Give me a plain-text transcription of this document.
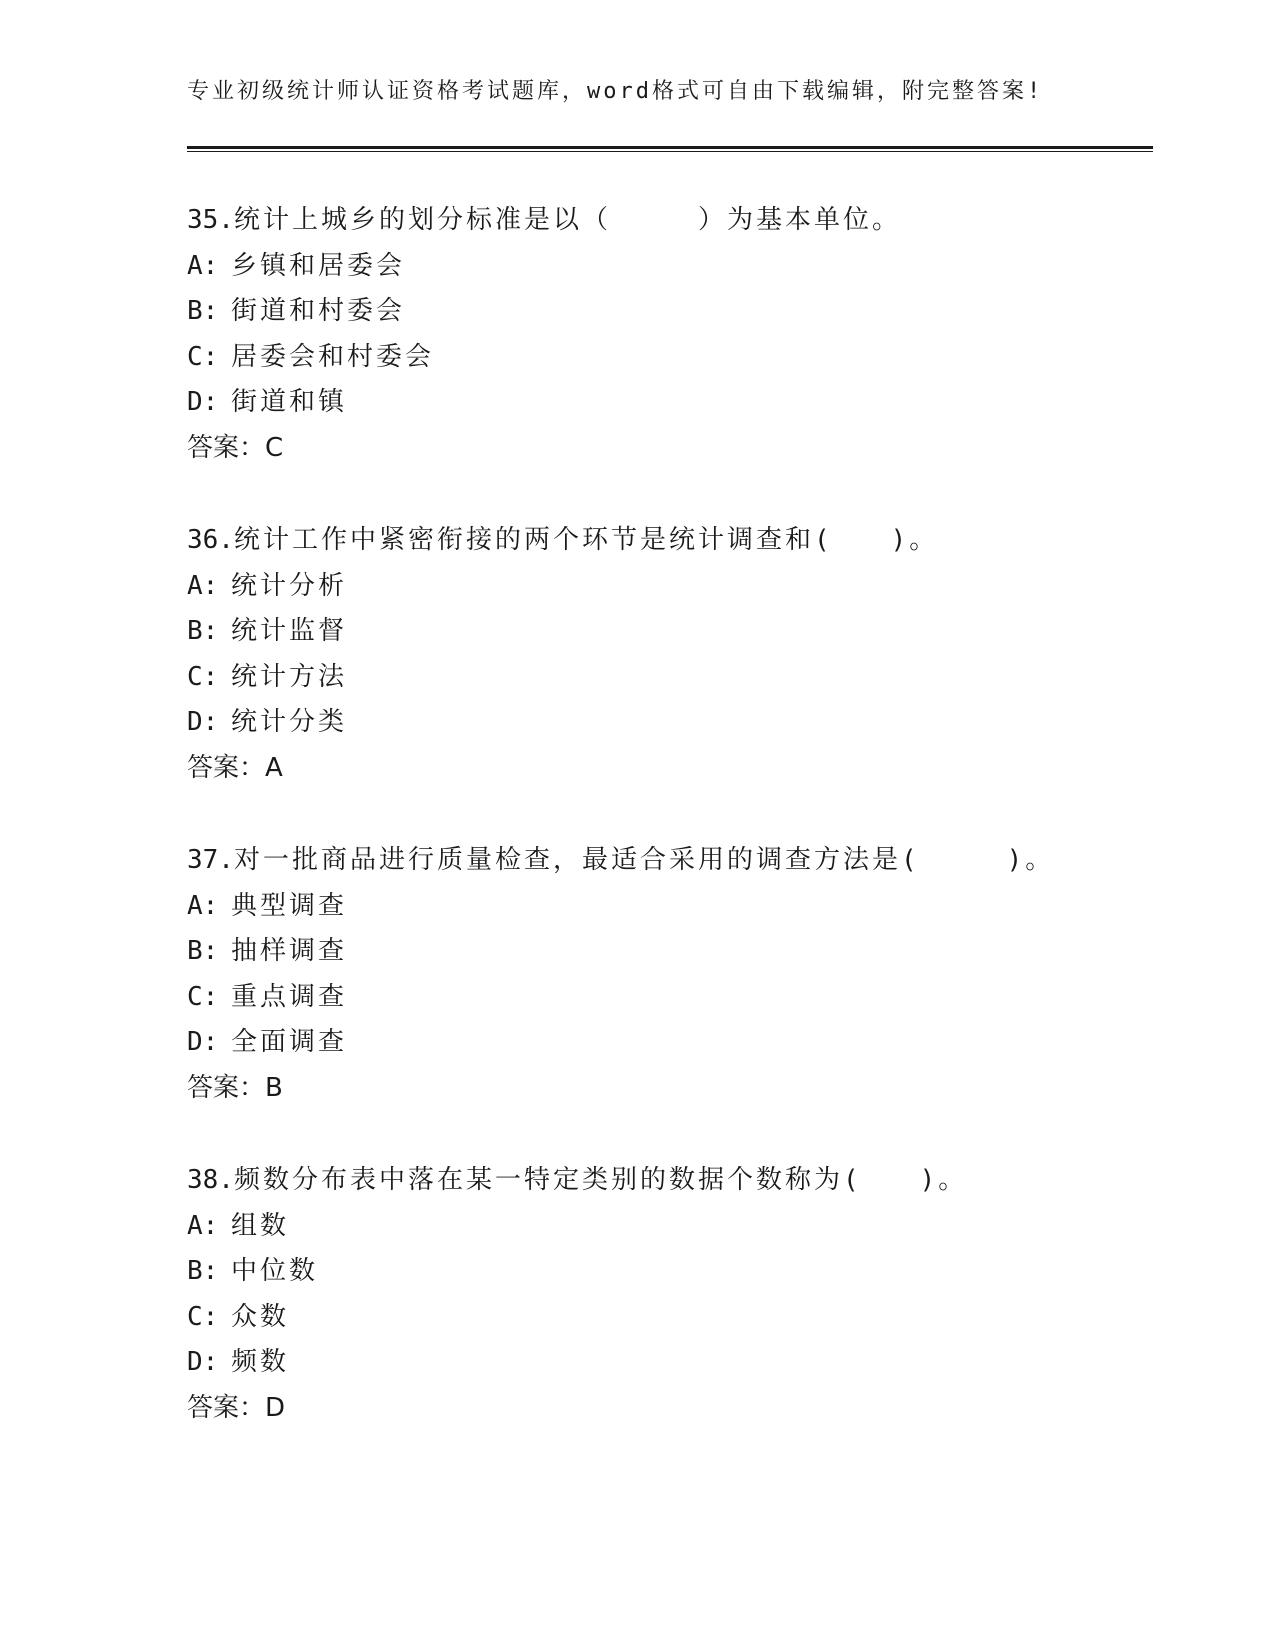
专业初级统计师认证资格考试题库，word格式可自由下载编辑，附完整答案!
35.统计上城乡的划分标准是以（　　　）为基本单位。
A: 乡镇和居委会
B: 街道和村委会
C: 居委会和村委会
D: 街道和镇
答案：C
36.统计工作中紧密衔接的两个环节是统计调查和(　　)。
A: 统计分析
B: 统计监督
C: 统计方法
D: 统计分类
答案：A
37.对一批商品进行质量检查，最适合采用的调查方法是(　　　)。
A: 典型调查
B: 抽样调查
C: 重点调查
D: 全面调查
答案：B
38.频数分布表中落在某一特定类别的数据个数称为(　　)。
A: 组数
B: 中位数
C: 众数
D: 频数
答案：D
